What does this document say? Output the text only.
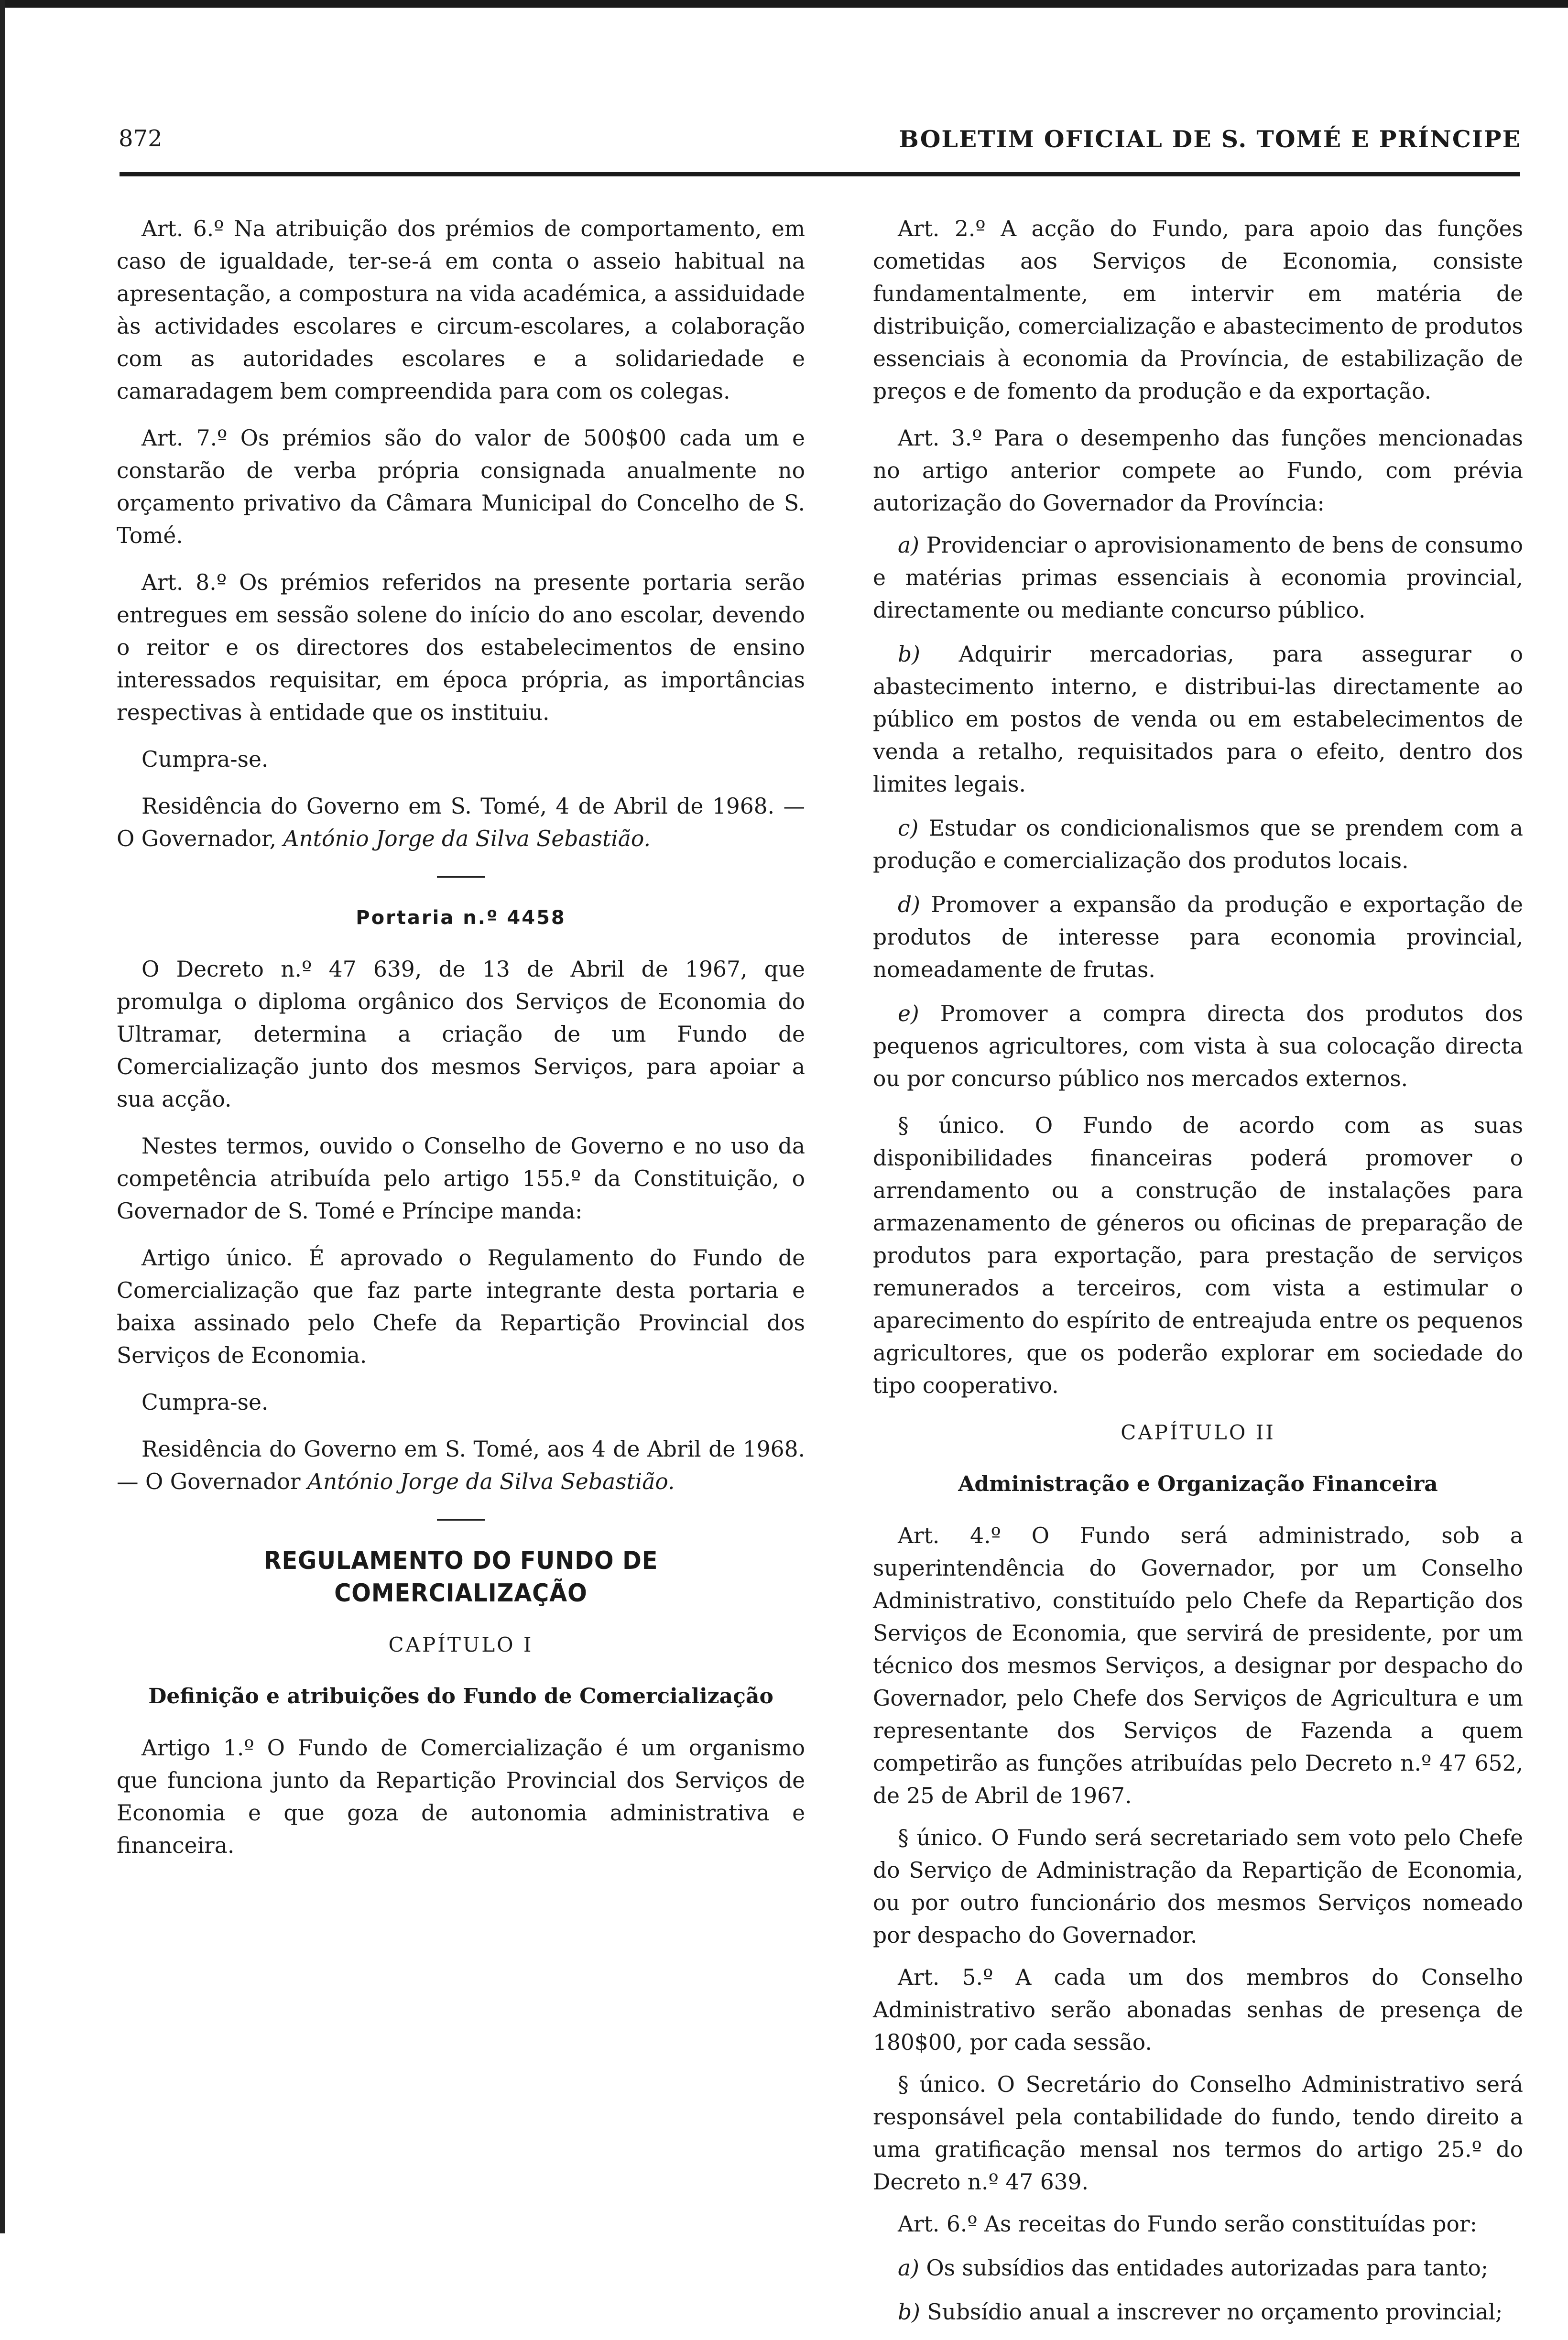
872	BOLETIM OFICIAL DE S. TOMÉ E PRÍNCIPE

Art. 6.º Na atribuição dos prémios de comportamento, em caso de igualdade, ter-se-á em conta o asseio habitual na apresentação, a compostura na vida académica, a assiduidade às actividades escolares e circum-escolares, a colaboração com as autoridades escolares e a solidariedade e camaradagem bem compreendida para com os colegas.

Art. 7.º Os prémios são do valor de 500$00 cada um e constarão de verba própria consignada anualmente no orçamento privativo da Câmara Municipal do Concelho de S. Tomé.

Art. 8.º Os prémios referidos na presente portaria serão entregues em sessão solene do início do ano escolar, devendo o reitor e os directores dos estabelecimentos de ensino interessados requisitar, em época própria, as importâncias respectivas à entidade que os instituiu.

Cumpra-se.

Residência do Governo em S. Tomé, 4 de Abril de 1968. — O Governador, António Jorge da Silva Sebastião.

Portaria n.º 4458

O Decreto n.º 47 639, de 13 de Abril de 1967, que promulga o diploma orgânico dos Serviços de Economia do Ultramar, determina a criação de um Fundo de Comercialização junto dos mesmos Serviços, para apoiar a sua acção.

Nestes termos, ouvido o Conselho de Governo e no uso da competência atribuída pelo artigo 155.º da Constituição, o Governador de S. Tomé e Príncipe manda:

Artigo único. É aprovado o Regulamento do Fundo de Comercialização que faz parte integrante desta portaria e baixa assinado pelo Chefe da Repartição Provincial dos Serviços de Economia.

Cumpra-se.

Residência do Governo em S. Tomé, aos 4 de Abril de 1968. — O Governador António Jorge da Silva Sebastião.

REGULAMENTO DO FUNDO DE COMERCIALIZAÇÃO
CAPÍTULO I
Definição e atribuições do Fundo de Comercialização

Artigo 1.º O Fundo de Comercialização é um organismo que funciona junto da Repartição Provincial dos Serviços de Economia e que goza de autonomia administrativa e financeira.

Art. 2.º A acção do Fundo, para apoio das funções cometidas aos Serviços de Economia, consiste fundamentalmente, em intervir em matéria de distribuição, comercialização e abastecimento de produtos essenciais à economia da Província, de estabilização de preços e de fomento da produção e da exportação.

Art. 3.º Para o desempenho das funções mencionadas no artigo anterior compete ao Fundo, com prévia autorização do Governador da Província:

a) Providenciar o aprovisionamento de bens de consumo e matérias primas essenciais à economia provincial, directamente ou mediante concurso público.

b) Adquirir mercadorias, para assegurar o abastecimento interno, e distribui-las directamente ao público em postos de venda ou em estabelecimentos de venda a retalho, requisitados para o efeito, dentro dos limites legais.

c) Estudar os condicionalismos que se prendem com a produção e comercialização dos produtos locais.

d) Promover a expansão da produção e exportação de produtos de interesse para economia provincial, nomeadamente de frutas.

e) Promover a compra directa dos produtos dos pequenos agricultores, com vista à sua colocação directa ou por concurso público nos mercados externos.

§ único. O Fundo de acordo com as suas disponibilidades financeiras poderá promover o arrendamento ou a construção de instalações para armazenamento de géneros ou oficinas de preparação de produtos para exportação, para prestação de serviços remunerados a terceiros, com vista a estimular o aparecimento do espírito de entreajuda entre os pequenos agricultores, que os poderão explorar em sociedade do tipo cooperativo.

CAPÍTULO II
Administração e Organização Financeira

Art. 4.º O Fundo será administrado, sob a superintendência do Governador, por um Conselho Administrativo, constituído pelo Chefe da Repartição dos Serviços de Economia, que servirá de presidente, por um técnico dos mesmos Serviços, a designar por despacho do Governador, pelo Chefe dos Serviços de Agricultura e um representante dos Serviços de Fazenda a quem competirão as funções atribuídas pelo Decreto n.º 47 652, de 25 de Abril de 1967.

§ único. O Fundo será secretariado sem voto pelo Chefe do Serviço de Administração da Repartição de Economia, ou por outro funcionário dos mesmos Serviços nomeado por despacho do Governador.

Art. 5.º A cada um dos membros do Conselho Administrativo serão abonadas senhas de presença de 180$00, por cada sessão.

§ único. O Secretário do Conselho Administrativo será responsável pela contabilidade do fundo, tendo direito a uma gratificação mensal nos termos do artigo 25.º do Decreto n.º 47 639.

Art. 6.º As receitas do Fundo serão constituídas por:

a) Os subsídios das entidades autorizadas para tanto;

b) Subsídio anual a inscrever no orçamento provincial;
